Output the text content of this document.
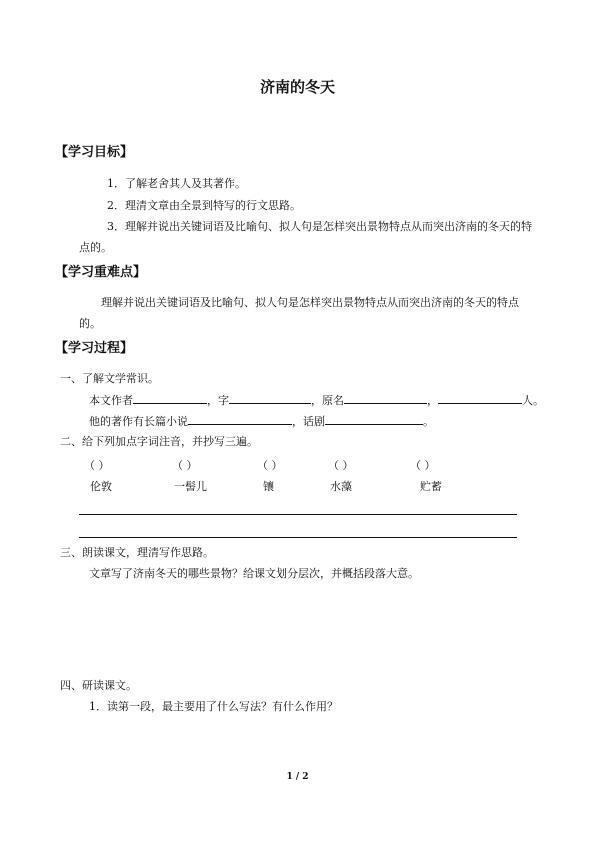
济南的冬天
【学习目标】
1．了解老舍其人及其著作。
2．理清文章由全景到特写的行文思路。
3．理解并说出关键词语及比喻句、拟人句是怎样突出景物特点从而突出济南的冬天的特
点的。
【学习重难点】
理解并说出关键词语及比喻句、拟人句是怎样突出景物特点从而突出济南的冬天的特点
的。
【学习过程】
一、了解文学常识。
本文作者	，字	，原名	，	人。
他的著作有长篇小说	，话剧	。
二、给下列加点字词注音，并抄写三遍。
（ ）	（ ）	（ ）	（ ）	（ ）
伦敦	一髻儿	镶	水藻	贮蓄
三、朗读课文，理清写作思路。
文章写了济南冬天的哪些景物？给课文划分层次，并概括段落大意。
四、研读课文。
1．读第一段，最主要用了什么写法？有什么作用？
1 / 2
